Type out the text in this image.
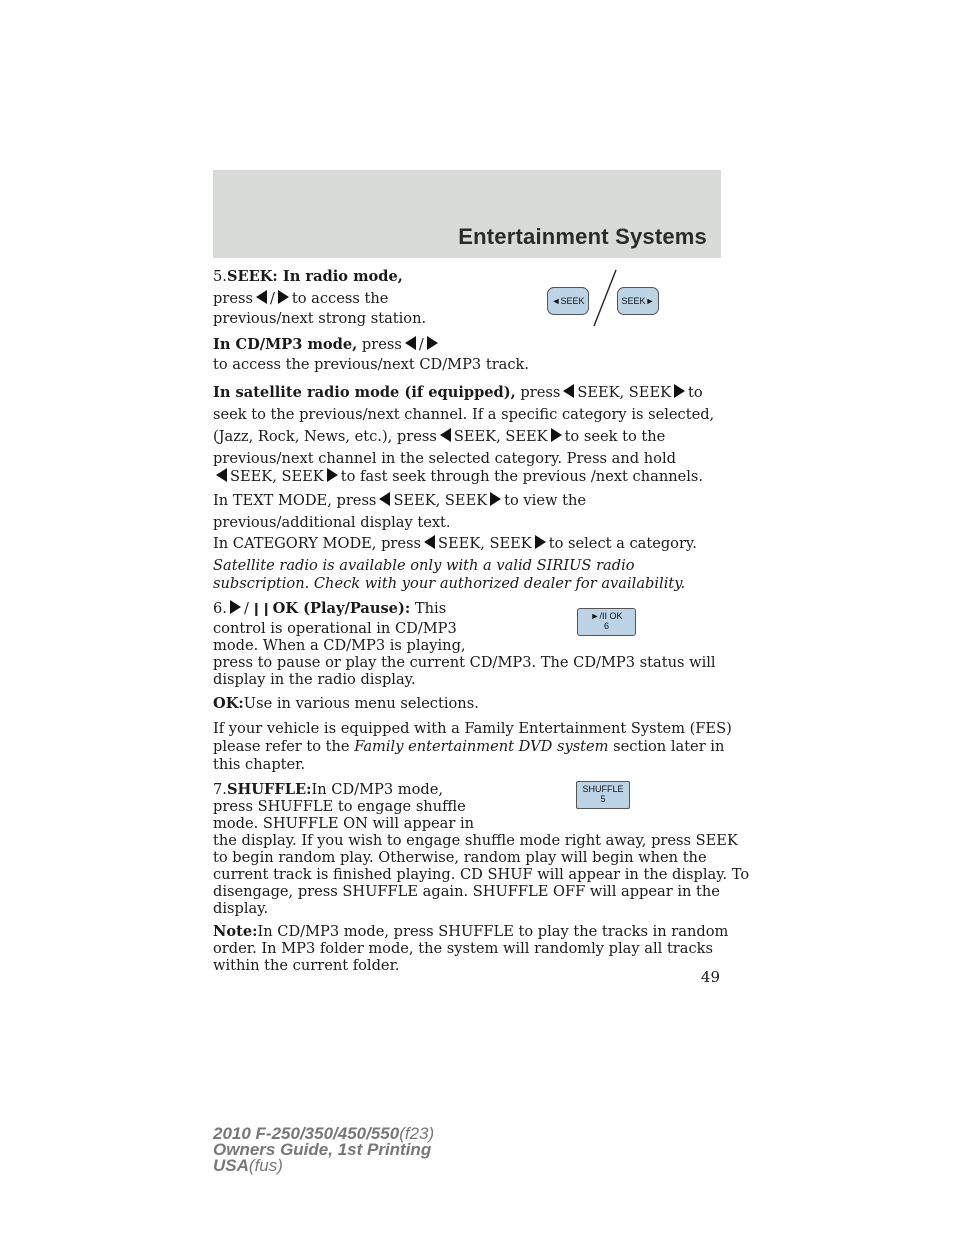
Entertainment Systems
5.SEEK: In radio mode,
press / to access the
previous/next strong station.
◄SEEK	SEEK►
In CD/MP3 mode, press /
to access the previous/next CD/MP3 track.
In satellite radio mode (if equipped), press SEEK, SEEK to
seek to the previous/next channel. If a specific category is selected,
(Jazz, Rock, News, etc.), press SEEK, SEEK to seek to the
previous/next channel in the selected category. Press and hold
SEEK, SEEK to fast seek through the previous /next channels.
In TEXT MODE, press SEEK, SEEK to view the
previous/additional display text.
In CATEGORY MODE, press SEEK, SEEK to select a category.
Satellite radio is available only with a valid SIRIUS radio
subscription. Check with your authorized dealer for availability.
6. / ❙❙ OK (Play/Pause): This
control is operational in CD/MP3
mode. When a CD/MP3 is playing,
press to pause or play the current CD/MP3. The CD/MP3 status will
display in the radio display.
►/II OK
6
OK:Use in various menu selections.
If your vehicle is equipped with a Family Entertainment System (FES)
please refer to the Family entertainment DVD system section later in
this chapter.
7.SHUFFLE:In CD/MP3 mode,
press SHUFFLE to engage shuffle
mode. SHUFFLE ON will appear in
the display. If you wish to engage shuffle mode right away, press SEEK
to begin random play. Otherwise, random play will begin when the
current track is finished playing. CD SHUF will appear in the display. To
disengage, press SHUFFLE again. SHUFFLE OFF will appear in the
display.
SHUFFLE
5
Note:In CD/MP3 mode, press SHUFFLE to play the tracks in random
order. In MP3 folder mode, the system will randomly play all tracks
within the current folder.
49
2010 F-250/350/450/550(f23)
Owners Guide, 1st Printing
USA(fus)
